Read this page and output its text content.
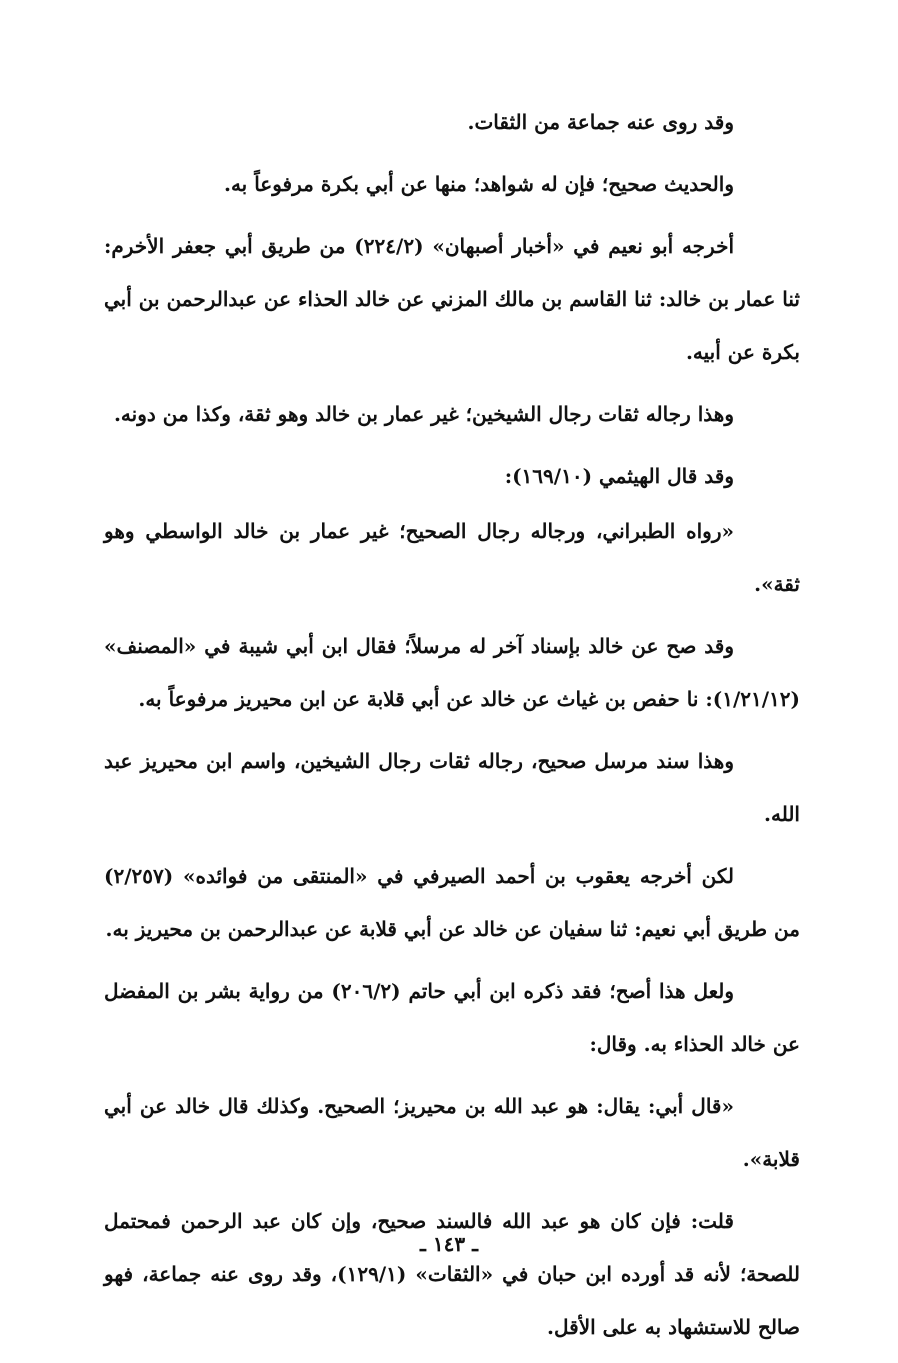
وقد روى عنه جماعة من الثقات.

والحديث صحيح؛ فإن له شواهد؛ منها عن أبي بكرة مرفوعاً به.

أخرجه أبو نعيم في «أخبار أصبهان» (٢٢٤/٢) من طريق أبي جعفر الأخرم: ثنا عمار بن خالد: ثنا القاسم بن مالك المزني عن خالد الحذاء عن عبدالرحمن بن أبي بكرة عن أبيه.

وهذا رجاله ثقات رجال الشيخين؛ غير عمار بن خالد وهو ثقة، وكذا من دونه.

وقد قال الهيثمي (١٦٩/١٠):

«رواه الطبراني، ورجاله رجال الصحيح؛ غير عمار بن خالد الواسطي وهو ثقة».

وقد صح عن خالد بإسناد آخر له مرسلاً؛ فقال ابن أبي شيبة في «المصنف» (١/٢١/١٢): نا حفص بن غياث عن خالد عن أبي قلابة عن ابن محيريز مرفوعاً به.

وهذا سند مرسل صحيح، رجاله ثقات رجال الشيخين، واسم ابن محيريز عبد الله.

لكن أخرجه يعقوب بن أحمد الصيرفي في «المنتقى من فوائده» (٢/٢٥٧) من طريق أبي نعيم: ثنا سفيان عن خالد عن أبي قلابة عن عبدالرحمن بن محيريز به.

ولعل هذا أصح؛ فقد ذكره ابن أبي حاتم (٢٠٦/٢) من رواية بشر بن المفضل عن خالد الحذاء به. وقال:

«قال أبي: يقال: هو عبد الله بن محيريز؛ الصحيح. وكذلك قال خالد عن أبي قلابة».

قلت: فإن كان هو عبد الله فالسند صحيح، وإن كان عبد الرحمن فمحتمل للصحة؛ لأنه قد أورده ابن حبان في «الثقات» (١٢٩/١)، وقد روى عنه جماعة، فهو صالح للاستشهاد به على الأقل.

ـ ١٤٣ ـ
